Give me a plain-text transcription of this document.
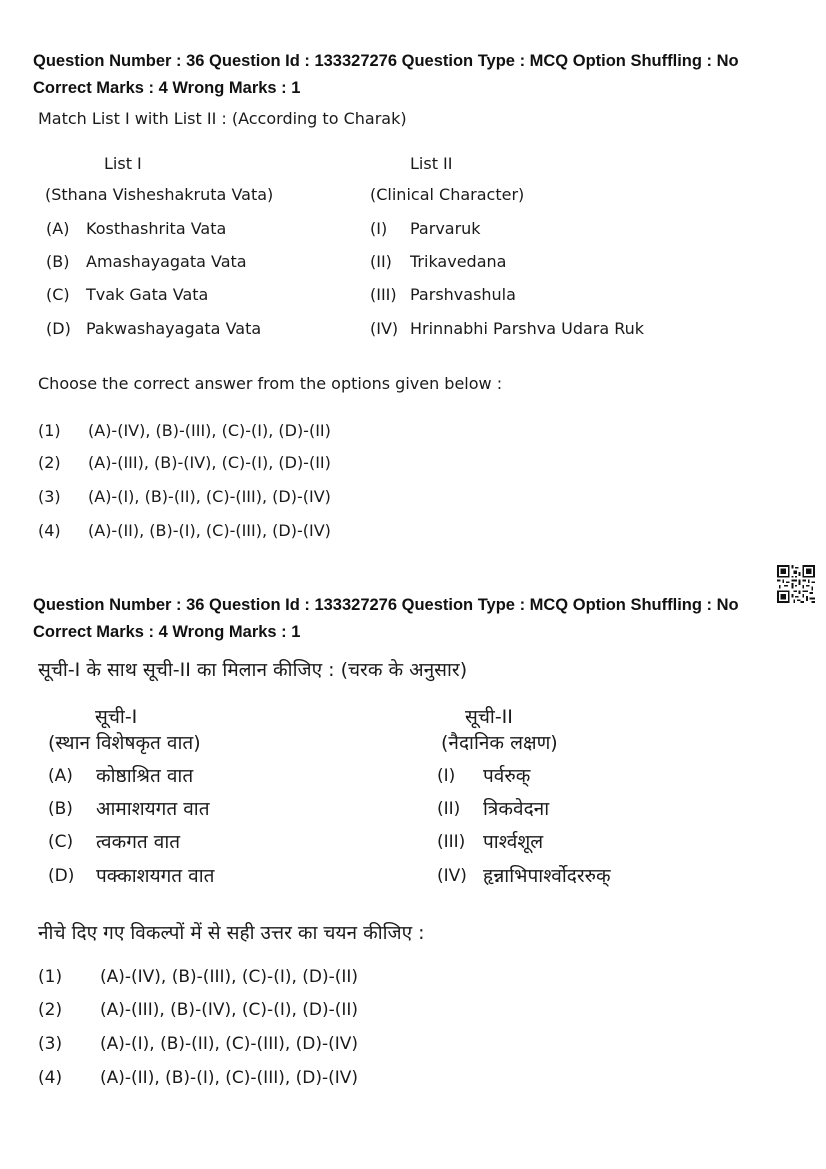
Question Number : 36 Question Id : 133327276 Question Type : MCQ Option Shuffling : No
Correct Marks : 4 Wrong Marks : 1
Match List I with List II : (According to Charak)
List I	List II
(Sthana Visheshakruta Vata)	(Clinical Character)
(A) Kosthashrita Vata	(I) Parvaruk
(B) Amashayagata Vata	(II) Trikavedana
(C) Tvak Gata Vata	(III) Parshvashula
(D) Pakwashayagata Vata	(IV) Hrinnabhi Parshva Udara Ruk
Choose the correct answer from the options given below :
(1) (A)-(IV), (B)-(III), (C)-(I), (D)-(II)
(2) (A)-(III), (B)-(IV), (C)-(I), (D)-(II)
(3) (A)-(I), (B)-(II), (C)-(III), (D)-(IV)
(4) (A)-(II), (B)-(I), (C)-(III), (D)-(IV)
Question Number : 36 Question Id : 133327276 Question Type : MCQ Option Shuffling : No
Correct Marks : 4 Wrong Marks : 1
सूची-I के साथ सूची-II का मिलान कीजिए : (चरक के अनुसार)
सूची-I	सूची-II
(स्थान विशेषकृत वात)	(नैदानिक लक्षण)
(A) कोष्ठाश्रित वात	(I) पर्वरुक्
(B) आमाशयगत वात	(II) त्रिकवेदना
(C) त्वकगत वात	(III) पार्श्वशूल
(D) पक्काशयगत वात	(IV) हृन्नाभिपार्श्वोदररुक्
नीचे दिए गए विकल्पों में से सही उत्तर का चयन कीजिए :
(1) (A)-(IV), (B)-(III), (C)-(I), (D)-(II)
(2) (A)-(III), (B)-(IV), (C)-(I), (D)-(II)
(3) (A)-(I), (B)-(II), (C)-(III), (D)-(IV)
(4) (A)-(II), (B)-(I), (C)-(III), (D)-(IV)
